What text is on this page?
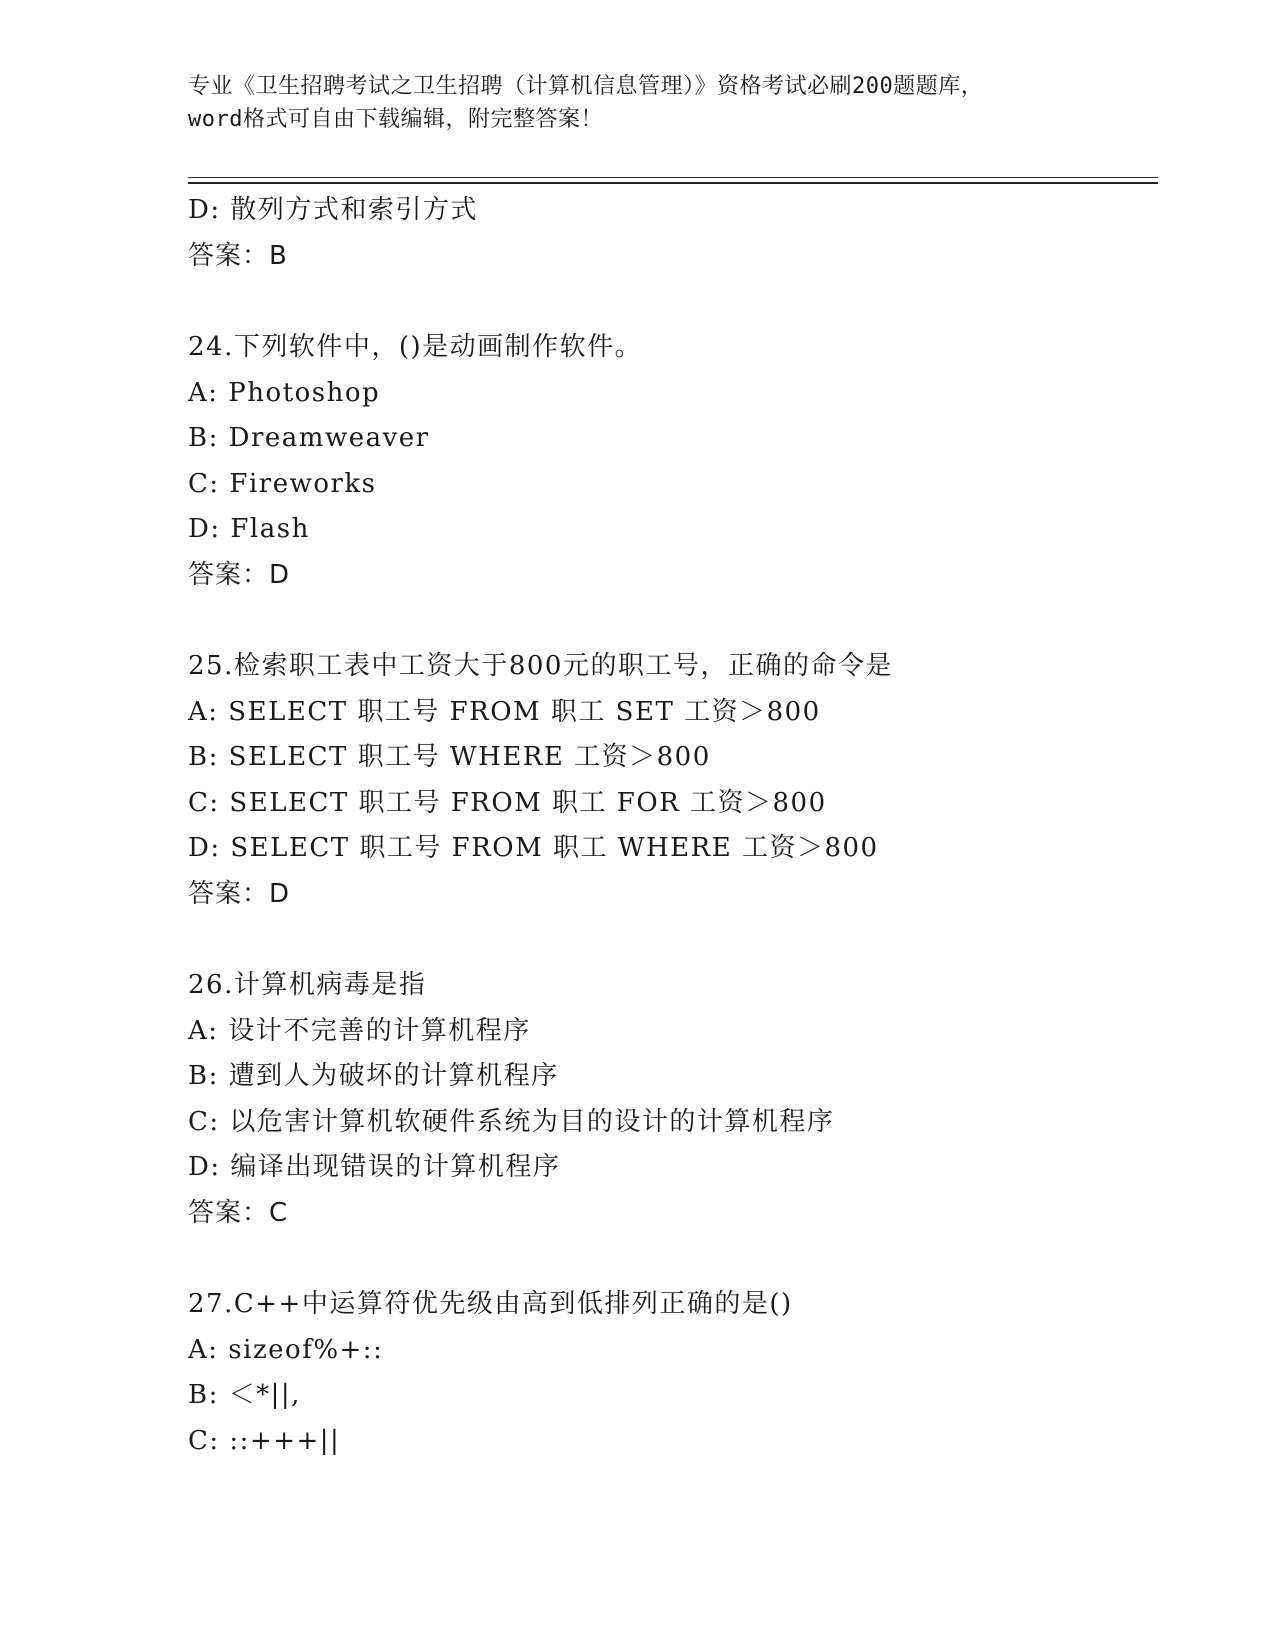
专业《卫生招聘考试之卫生招聘（计算机信息管理）》资格考试必刷200题题库，
word格式可自由下载编辑，附完整答案！
D: 散列方式和索引方式
答案：B
24.下列软件中，()是动画制作软件。
A: Photoshop
B: Dreamweaver
C: Fireworks
D: Flash
答案：D
25.检索职工表中工资大于800元的职工号，正确的命令是
A: SELECT 职工号 FROM 职工 SET 工资＞800
B: SELECT 职工号 WHERE 工资＞800
C: SELECT 职工号 FROM 职工 FOR 工资＞800
D: SELECT 职工号 FROM 职工 WHERE 工资＞800
答案：D
26.计算机病毒是指
A: 设计不完善的计算机程序
B: 遭到人为破坏的计算机程序
C: 以危害计算机软硬件系统为目的设计的计算机程序
D: 编译出现错误的计算机程序
答案：C
27.C++中运算符优先级由高到低排列正确的是()
A: sizeof%+::
B: ＜*||,
C: ::+++||
